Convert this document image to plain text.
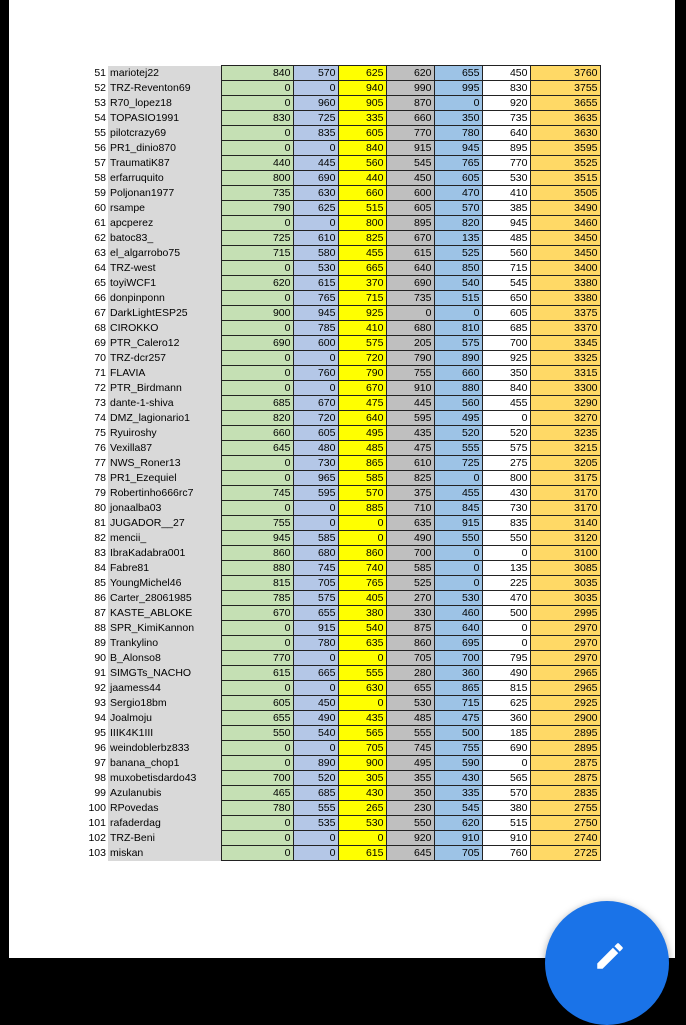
51	mariotej22	840	570	625	620	655	450	3760
52	TRZ-Reventon69	0	0	940	990	995	830	3755
53	R70_lopez18	0	960	905	870	0	920	3655
54	TOPASIO1991	830	725	335	660	350	735	3635
55	pilotcrazy69	0	835	605	770	780	640	3630
56	PR1_dinio870	0	0	840	915	945	895	3595
57	TraumatiK87	440	445	560	545	765	770	3525
58	erfarruquito	800	690	440	450	605	530	3515
59	Poljonan1977	735	630	660	600	470	410	3505
60	rsampe	790	625	515	605	570	385	3490
61	apcperez	0	0	800	895	820	945	3460
62	batoc83_	725	610	825	670	135	485	3450
63	el_algarrobo75	715	580	455	615	525	560	3450
64	TRZ-west	0	530	665	640	850	715	3400
65	toyiWCF1	620	615	370	690	540	545	3380
66	donpinponn	0	765	715	735	515	650	3380
67	DarkLightESP25	900	945	925	0	0	605	3375
68	CIROKKO	0	785	410	680	810	685	3370
69	PTR_Calero12	690	600	575	205	575	700	3345
70	TRZ-dcr257	0	0	720	790	890	925	3325
71	FLAVIA	0	760	790	755	660	350	3315
72	PTR_Birdmann	0	0	670	910	880	840	3300
73	dante-1-shiva	685	670	475	445	560	455	3290
74	DMZ_lagionario1	820	720	640	595	495	0	3270
75	Ryuiroshy	660	605	495	435	520	520	3235
76	Vexilla87	645	480	485	475	555	575	3215
77	NWS_Roner13	0	730	865	610	725	275	3205
78	PR1_Ezequiel	0	965	585	825	0	800	3175
79	Robertinho666rc7	745	595	570	375	455	430	3170
80	jonaalba03	0	0	885	710	845	730	3170
81	JUGADOR__27	755	0	0	635	915	835	3140
82	mencii_	945	585	0	490	550	550	3120
83	IbraKadabra001	860	680	860	700	0	0	3100
84	Fabre81	880	745	740	585	0	135	3085
85	YoungMichel46	815	705	765	525	0	225	3035
86	Carter_28061985	785	575	405	270	530	470	3035
87	KASTE_ABLOKE	670	655	380	330	460	500	2995
88	SPR_KimiKannon	0	915	540	875	640	0	2970
89	Trankylino	0	780	635	860	695	0	2970
90	B_Alonso8	770	0	0	705	700	795	2970
91	SIMGTs_NACHO	615	665	555	280	360	490	2965
92	jaamess44	0	0	630	655	865	815	2965
93	Sergio18bm	605	450	0	530	715	625	2925
94	Joalmoju	655	490	435	485	475	360	2900
95	IIIK4K1III	550	540	565	555	500	185	2895
96	weindoblerbz833	0	0	705	745	755	690	2895
97	banana_chop1	0	890	900	495	590	0	2875
98	muxobetisdardo43	700	520	305	355	430	565	2875
99	Azulanubis	465	685	430	350	335	570	2835
100	RPovedas	780	555	265	230	545	380	2755
101	rafaderdag	0	535	530	550	620	515	2750
102	TRZ-Beni	0	0	0	920	910	910	2740
103	miskan	0	0	615	645	705	760	2725
